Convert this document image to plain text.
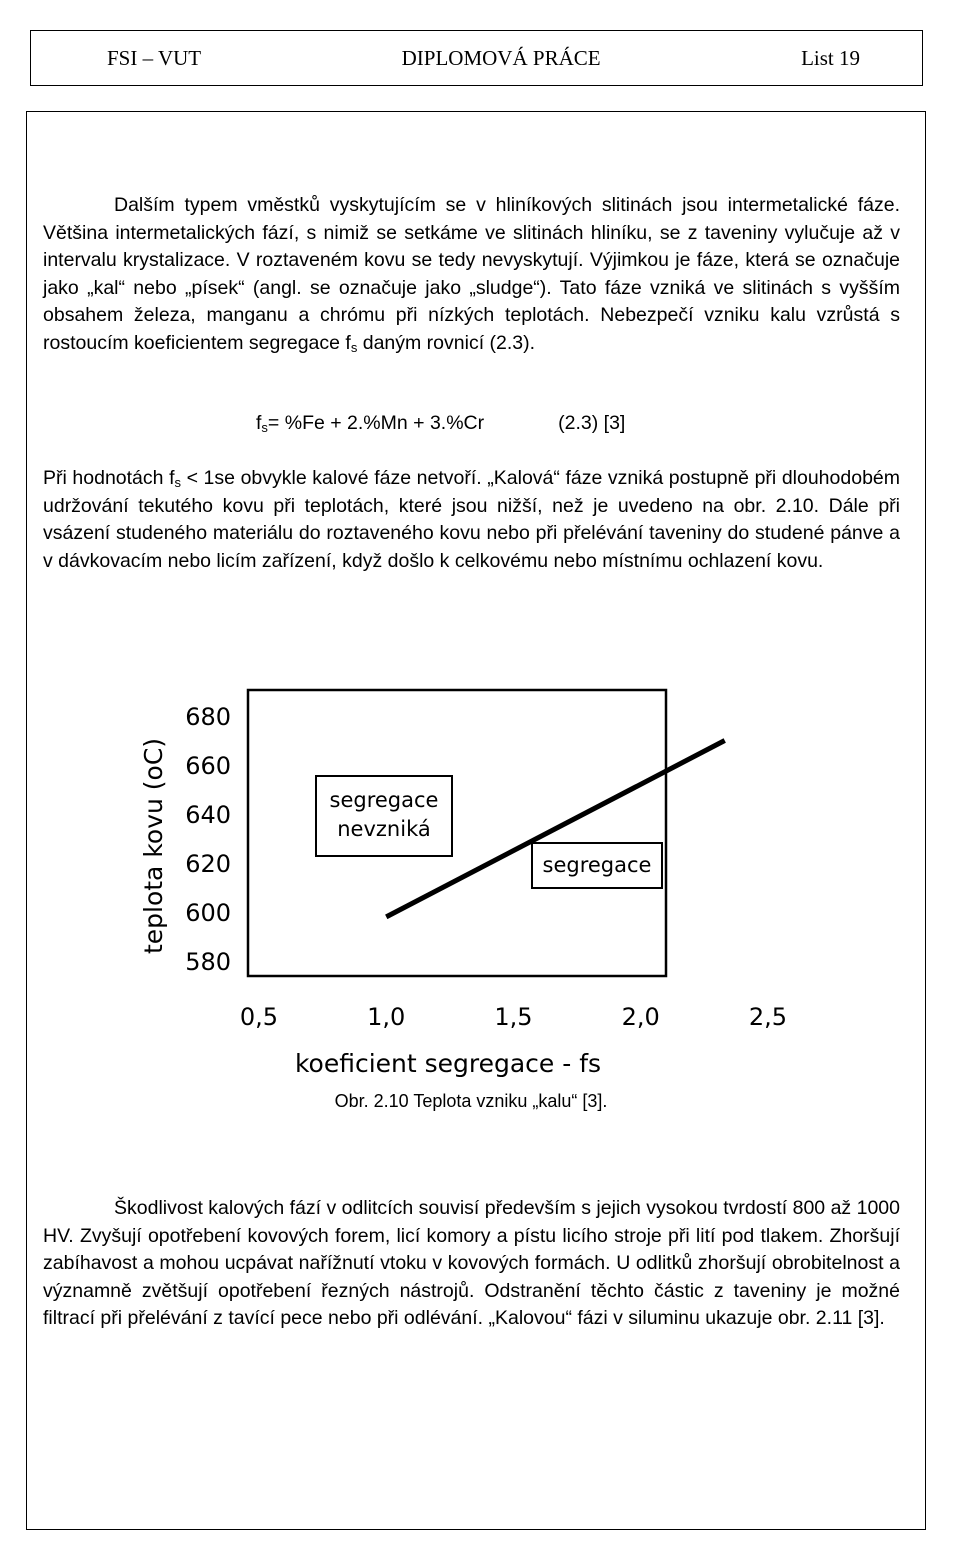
FSI – VUT	DIPLOMOVÁ PRÁCE	List 19

Dalším typem vměstků vyskytujícím se v hliníkových slitinách jsou intermetalické fáze. Většina intermetalických fází, s nimiž se setkáme ve slitinách hliníku, se z taveniny vylučuje až v intervalu krystalizace. V roztaveném kovu se tedy nevyskytují. Výjimkou je fáze, která se označuje jako „kal“ nebo „písek“ (angl. se označuje jako „sludge“). Tato fáze vzniká ve slitinách s vyšším obsahem železa, manganu a chrómu při nízkých teplotách. Nebezpečí vzniku kalu vzrůstá s rostoucím koeficientem segregace $f_s$ daným rovnicí (2.3).

$f_s= \%Fe + 2.\%Mn + 3.\%Cr$	(2.3) [3]

Při hodnotách $f_s < 1se$ obvykle kalové fáze netvoří. „Kalová“ fáze vzniká postupně při dlouhodobém udržování tekutého kovu při teplotách, které jsou nižší, než je uvedeno na obr. 2.10. Dále při vsázení studeného materiálu do roztaveného kovu nebo při přelévání taveniny do studené pánve a v dávkovacím nebo licím zařízení, když došlo k celkovému nebo místnímu ochlazení kovu.

580
600
620
640
660
680
0,5	1,0	1,5	2,0	2,5
koeficient segregace - fs
teplota kovu (oC)	segregace
nevzniká
segregace
Obr. 2.10 Teplota vzniku „kalu“ [3].

Škodlivost kalových fází v odlitcích souvisí především s jejich vysokou tvrdostí 800 až 1000 HV. Zvyšují opotřebení kovových forem, licí komory a pístu licího stroje při lití pod tlakem. Zhoršují zabíhavost a mohou ucpávat nařížnutí vtoku v kovových formách. U odlitků zhoršují obrobitelnost a významně zvětšují opotřebení řezných nástrojů. Odstranění těchto částic z taveniny je možné filtrací při přelévání z tavící pece nebo při odlévání. „Kalovou“ fázi v siluminu ukazuje obr. 2.11 [3].
